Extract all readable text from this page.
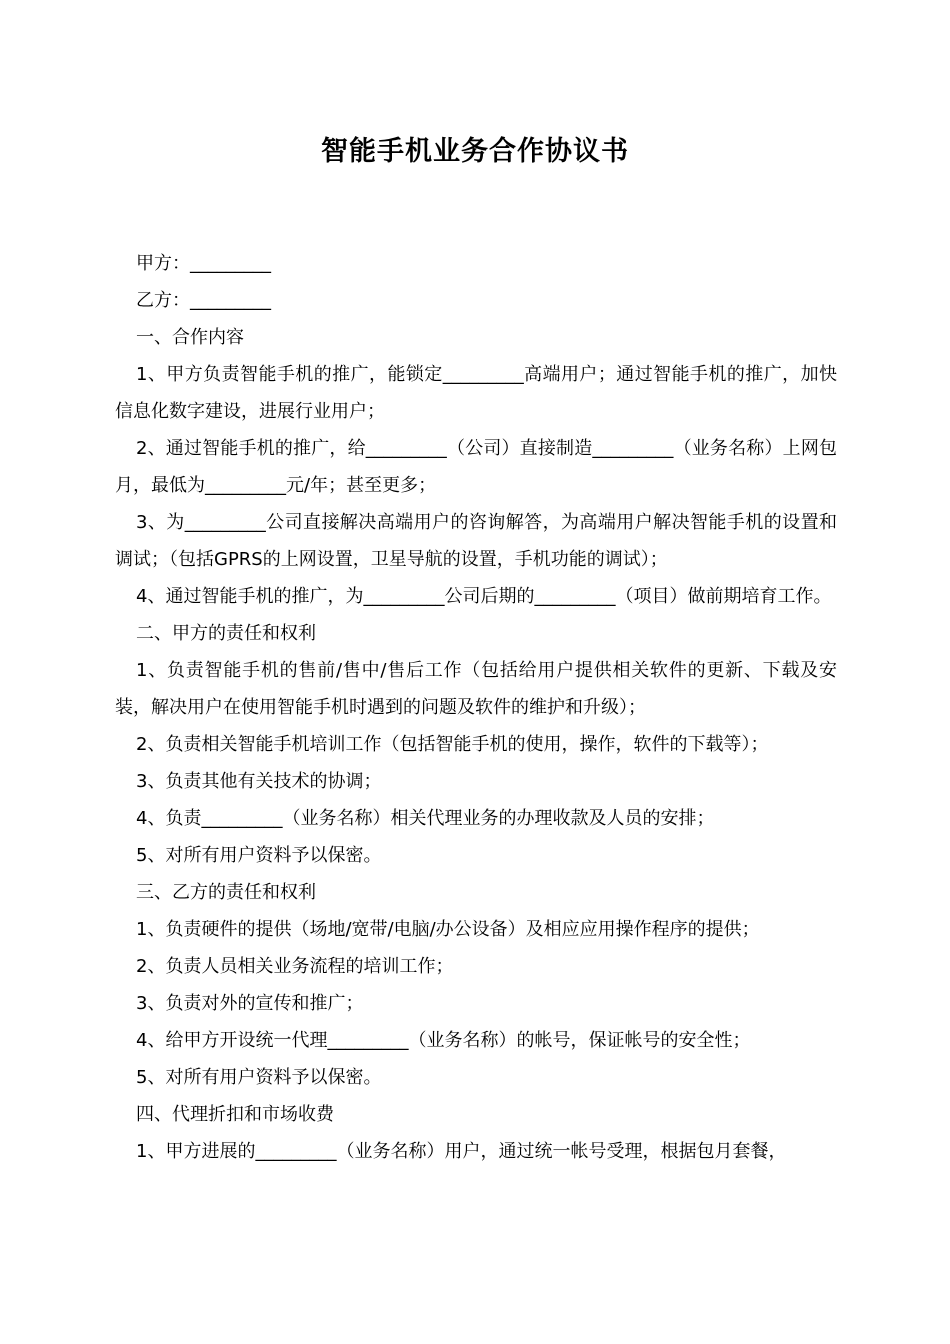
智能手机业务合作协议书

甲方：_________

乙方：_________

一、合作内容

1、甲方负责智能手机的推广，能锁定_________高端用户；通过智能手机的推广，加快信息化数字建设，进展行业用户；

2、通过智能手机的推广，给_________（公司）直接制造_________（业务名称）上网包月，最低为_________元/年；甚至更多；

3、为_________公司直接解决高端用户的咨询解答，为高端用户解决智能手机的设置和调试；（包括GPRS的上网设置，卫星导航的设置，手机功能的调试）；

4、通过智能手机的推广，为_________公司后期的_________（项目）做前期培育工作。

二、甲方的责任和权利

1、负责智能手机的售前/售中/售后工作（包括给用户提供相关软件的更新、下载及安装，解决用户在使用智能手机时遇到的问题及软件的维护和升级）；

2、负责相关智能手机培训工作（包括智能手机的使用，操作，软件的下载等）；

3、负责其他有关技术的协调；

4、负责_________（业务名称）相关代理业务的办理收款及人员的安排；

5、对所有用户资料予以保密。

三、乙方的责任和权利

1、负责硬件的提供（场地/宽带/电脑/办公设备）及相应应用操作程序的提供；

2、负责人员相关业务流程的培训工作；

3、负责对外的宣传和推广；

4、给甲方开设统一代理_________（业务名称）的帐号，保证帐号的安全性；

5、对所有用户资料予以保密。

四、代理折扣和市场收费

1、甲方进展的_________（业务名称）用户，通过统一帐号受理，根据包月套餐，
